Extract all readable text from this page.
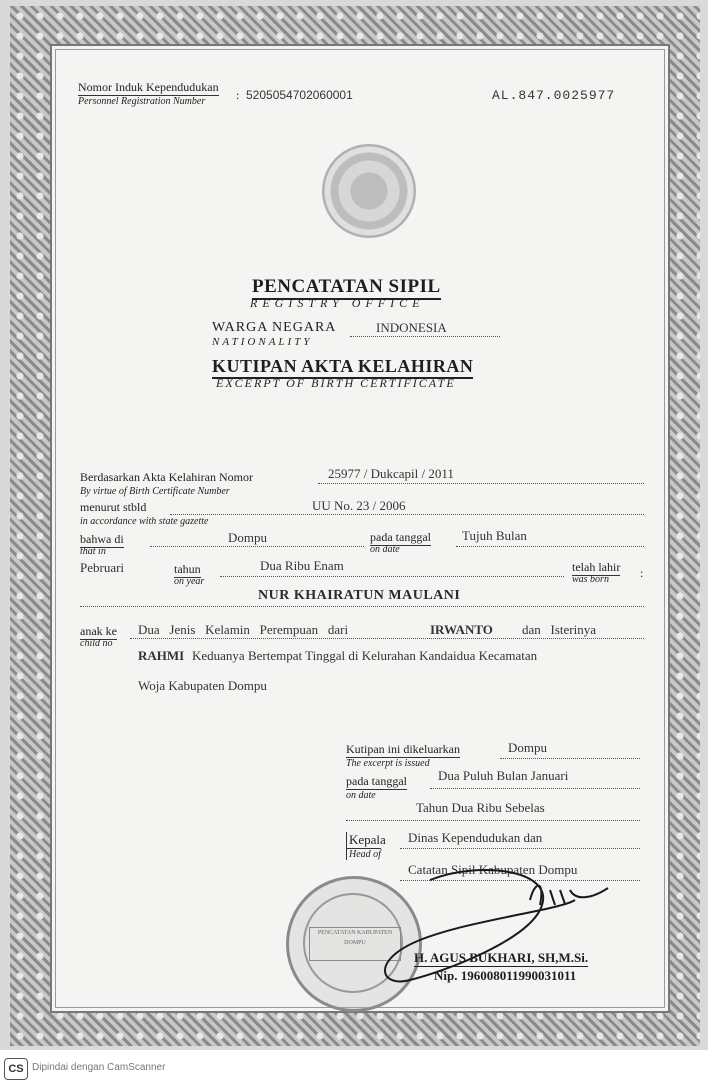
Nomor Induk Kependudukan
Personnel Registration Number	: 5205054702060001	AL.847.0025977
PENCATATAN SIPIL
REGISTRY OFFICE
WARGA NEGARA	INDONESIA
NATIONALITY
KUTIPAN AKTA KELAHIRAN
EXCERPT OF BIRTH CERTIFICATE
Berdasarkan Akta Kelahiran Nomor	25977 / Dukcapil / 2011
By virtue of Birth Certificate Number
menurut stbld	UU No. 23 / 2006
in accordance with state gazette
bahwa di	Dompu
that in
pada tanggal
on date
Tujuh Bulan
Pebruari	tahun
on year
Dua Ribu Enam	telah lahir
was born	:
NUR KHAIRATUN MAULANI
anak ke
child no
Dua   Jenis   Kelamin   Perempuan   dari	IRWANTO dan   Isterinya
RAHMI Keduanya Bertempat Tinggal di Kelurahan Kandaidua Kecamatan
Woja Kabupaten Dompu
Kutipan ini dikeluarkan
The excerpt is issued
Dompu
pada tanggal
on date
Dua Puluh Bulan Januari
Tahun Dua Ribu Sebelas
Kepala
Head of
Dinas Kependudukan dan
Catatan Sipil Kabupaten Dompu
PENCATATAN KABUPATEN DOMPU
H. AGUS BUKHARI, SH,M.Si.
Nip. 196008011990031011
CS Dipindai dengan CamScanner
